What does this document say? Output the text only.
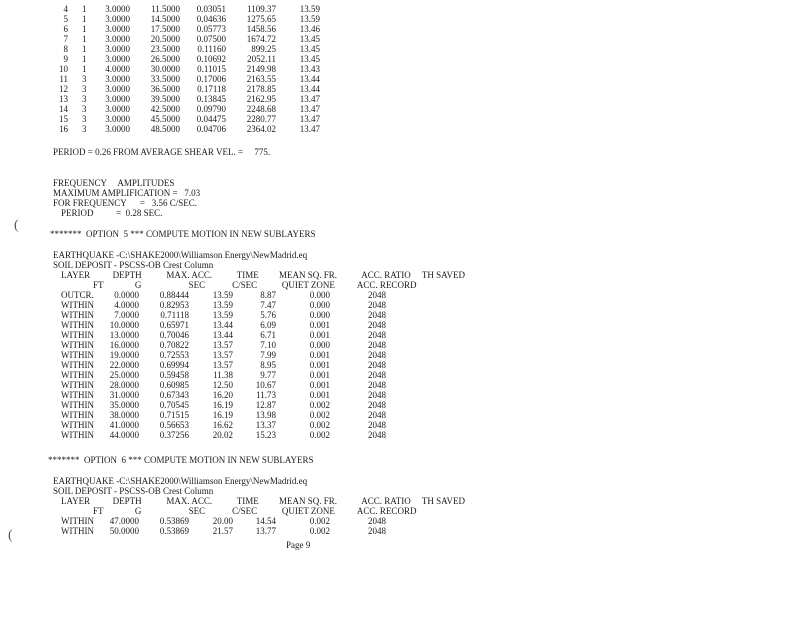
4 1 3.0000 11.5000 0.03051 1109.37	13.59
5 1 3.0000 14.5000 0.04636 1275.65	13.59
6 1 3.0000 17.5000 0.05773 1458.56	13.46
7 1 3.0000 20.5000 0.07500 1674.72	13.45
8 1 3.0000 23.5000 0.11160	899.25	13.45
9 1 3.0000 26.5000 0.10692 2052.11	13.45
10 1 4.0000 30.0000 0.11015 2149.98	13.43
11 3 3.0000 33.5000 0.17006 2163.55	13.44
12 3 3.0000 36.5000 0.17118 2178.85	13.44
13 3 3.0000 39.5000 0.13845 2162.95	13.47
14 3 3.0000 42.5000 0.09790 2248.68	13.47
15 3 3.0000 45.5000 0.04475 2280.77	13.47
16 3 3.0000 48.5000 0.04706 2364.02	13.47
PERIOD = 0.26 FROM AVERAGE SHEAR VEL. =     775.
FREQUENCY     AMPLITUDES
MAXIMUM AMPLIFICATION =   7.03
FOR FREQUENCY      =   3.56 C/SEC.
PERIOD          =  0.28 SEC.
(
*******  OPTION  5 *** COMPUTE MOTION IN NEW SUBLAYERS
EARTHQUAKE -C:\SHAKE2000\Williamson Energy\NewMadrid.eq
SOIL DEPOSIT - PSCSS-OB Crest Column
LAYER          DEPTH           MAX. ACC.           TIME         MEAN SQ. FR.           ACC. RATIO     TH SAVED
FT              G                     SEC            C/SEC           QUIET ZONE          ACC. RECORD
OUTCR. 0.0000 0.88444	13.59	8.87	0.000	2048
WITHIN 4.0000 0.82953	13.59	7.47	0.000	2048
WITHIN 7.0000 0.71118	13.59	5.76	0.000	2048
WITHIN 10.0000 0.65971	13.44	6.09	0.001	2048
WITHIN 13.0000 0.70046	13.44	6.71	0.001	2048
WITHIN 16.0000 0.70822	13.57	7.10	0.000	2048
WITHIN 19.0000 0.72553	13.57	7.99	0.001	2048
WITHIN 22.0000 0.69994	13.57	8.95	0.001	2048
WITHIN 25.0000 0.59458	11.38	9.77	0.001	2048
WITHIN 28.0000 0.60985	12.50	10.67	0.001	2048
WITHIN 31.0000 0.67343	16.20	11.73	0.001	2048
WITHIN 35.0000 0.70545	16.19	12.87	0.002	2048
WITHIN 38.0000 0.71515	16.19	13.98	0.002	2048
WITHIN 41.0000 0.56653	16.62	13.37	0.002	2048
WITHIN 44.0000 0.37256	20.02	15.23	0.002	2048
*******  OPTION  6 *** COMPUTE MOTION IN NEW SUBLAYERS
EARTHQUAKE -C:\SHAKE2000\Williamson Energy\NewMadrid.eq
SOIL DEPOSIT - PSCSS-OB Crest Column
LAYER          DEPTH           MAX. ACC.           TIME         MEAN SQ. FR.           ACC. RATIO     TH SAVED
FT              G                     SEC            C/SEC           QUIET ZONE          ACC. RECORD
WITHIN 47.0000 0.53869	20.00	14.54	0.002	2048
WITHIN 50.0000 0.53869	21.57	13.77	0.002	2048
(
Page 9
